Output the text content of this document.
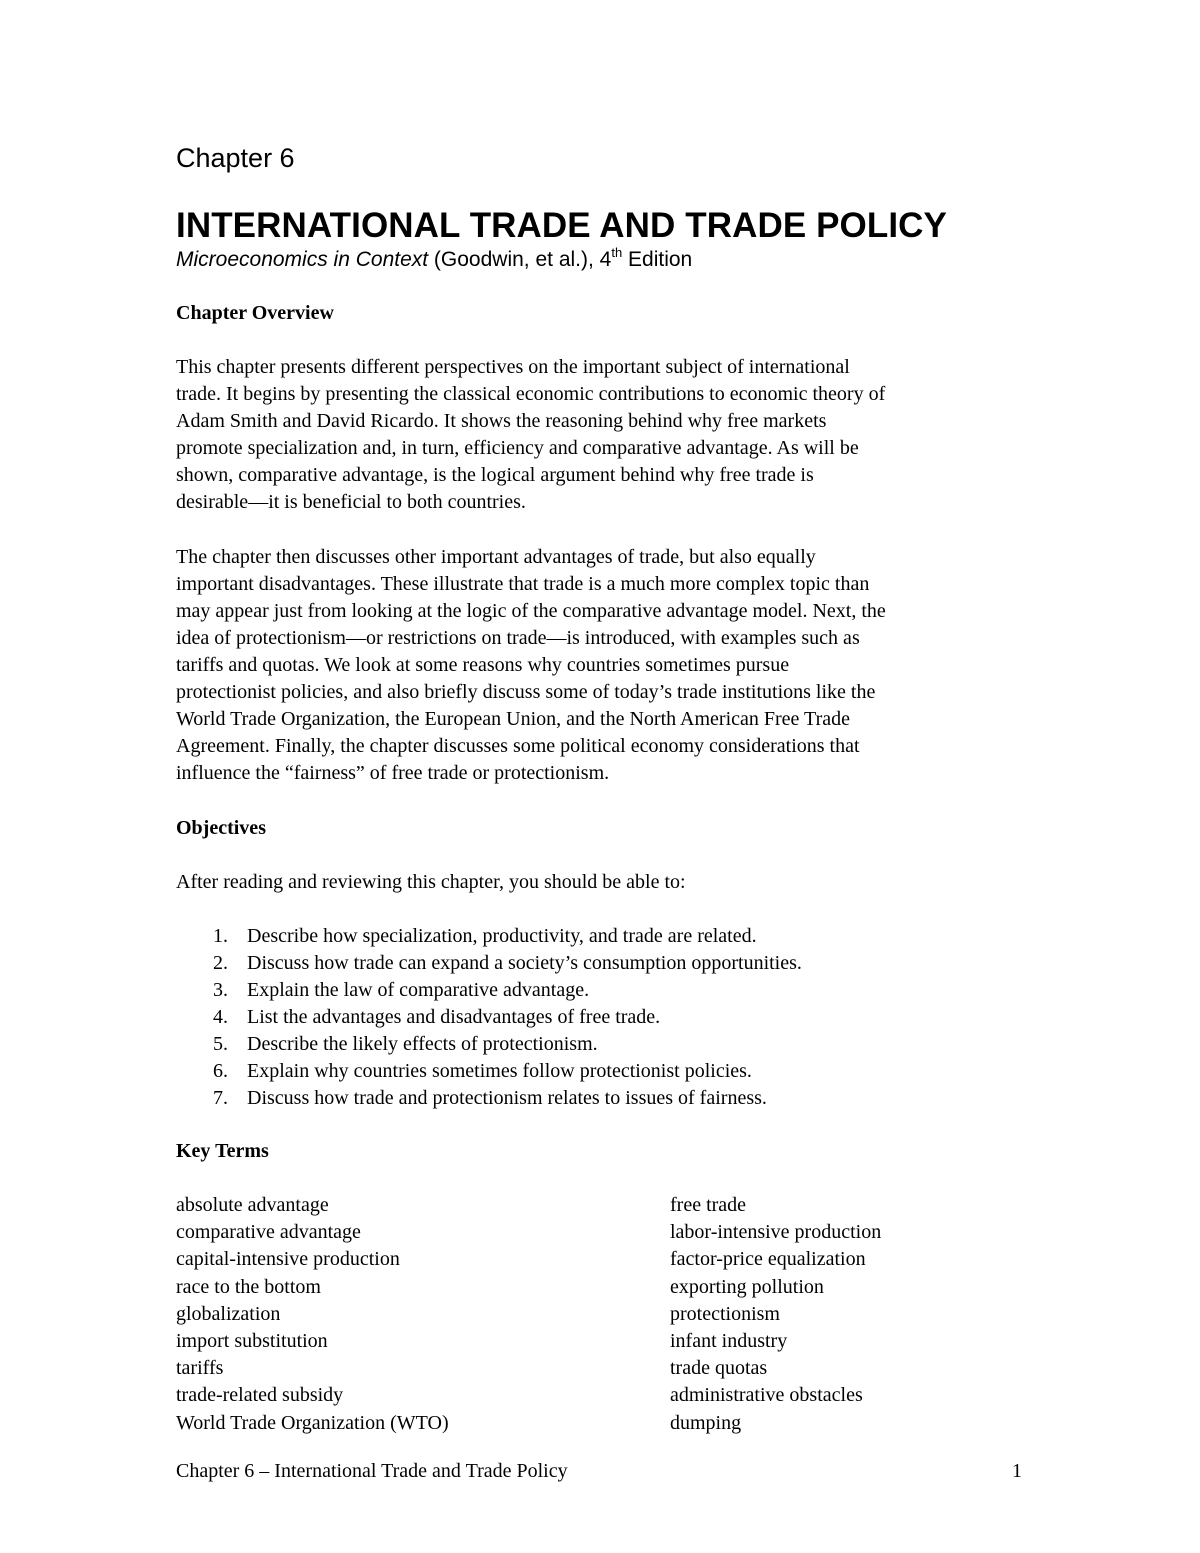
Chapter 6
INTERNATIONAL TRADE AND TRADE POLICY
Microeconomics in Context (Goodwin, et al.), 4th Edition
Chapter Overview
This chapter presents different perspectives on the important subject of international
trade. It begins by presenting the classical economic contributions to economic theory of
Adam Smith and David Ricardo. It shows the reasoning behind why free markets
promote specialization and, in turn, efficiency and comparative advantage. As will be
shown, comparative advantage, is the logical argument behind why free trade is
desirable—it is beneficial to both countries.
The chapter then discusses other important advantages of trade, but also equally
important disadvantages. These illustrate that trade is a much more complex topic than
may appear just from looking at the logic of the comparative advantage model. Next, the
idea of protectionism—or restrictions on trade—is introduced, with examples such as
tariffs and quotas. We look at some reasons why countries sometimes pursue
protectionist policies, and also briefly discuss some of today’s trade institutions like the
World Trade Organization, the European Union, and the North American Free Trade
Agreement. Finally, the chapter discusses some political economy considerations that
influence the “fairness” of free trade or protectionism.
Objectives
After reading and reviewing this chapter, you should be able to:
1. Describe how specialization, productivity, and trade are related.
2. Discuss how trade can expand a society’s consumption opportunities.
3. Explain the law of comparative advantage.
4. List the advantages and disadvantages of free trade.
5. Describe the likely effects of protectionism.
6. Explain why countries sometimes follow protectionist policies.
7. Discuss how trade and protectionism relates to issues of fairness.
Key Terms
absolute advantage
comparative advantage
capital-intensive production
race to the bottom
globalization
import substitution
tariffs
trade-related subsidy
World Trade Organization (WTO)
free trade
labor-intensive production
factor-price equalization
exporting pollution
protectionism
infant industry
trade quotas
administrative obstacles
dumping
Chapter 6 – International Trade and Trade Policy	1
